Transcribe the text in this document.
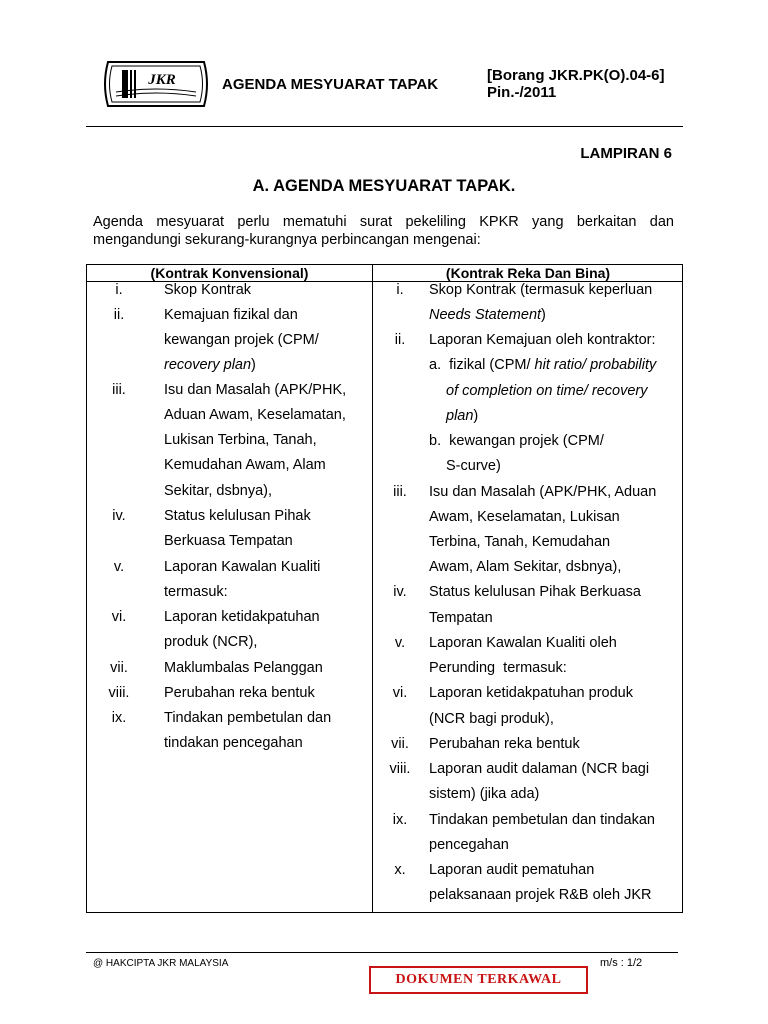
JKR	AGENDA MESYUARAT TAPAK
[Borang JKR.PK(O).04-6]
Pin.-/2011
LAMPIRAN 6
A. AGENDA MESYUARAT TAPAK.
Agenda mesyuarat perlu mematuhi surat pekeliling KPKR yang berkaitan dan mengandungi sekurang-kurangnya perbincangan mengenai:
(Kontrak Konvensional)	(Kontrak Reka Dan Bina)
i.	Skop Kontrak
ii.	Kemajuan fizikal dan
kewangan projek (CPM/
recovery plan)
iii.	Isu dan Masalah (APK/PHK,
Aduan Awam, Keselamatan,
Lukisan Terbina, Tanah,
Kemudahan Awam, Alam
Sekitar, dsbnya),
iv.	Status kelulusan Pihak
Berkuasa Tempatan
v.	Laporan Kawalan Kualiti
termasuk:
vi.	Laporan ketidakpatuhan
produk (NCR),
vii.	Maklumbalas Pelanggan
viii.	Perubahan reka bentuk
ix.	Tindakan pembetulan dan
tindakan pencegahan
i.	Skop Kontrak (termasuk keperluan
Needs Statement)
ii.	Laporan Kemajuan oleh kontraktor:
a.  fizikal (CPM/ hit ratio/ probability
of completion on time/ recovery
plan)
b.  kewangan projek (CPM/
S-curve)
iii.	Isu dan Masalah (APK/PHK, Aduan
Awam, Keselamatan, Lukisan
Terbina, Tanah, Kemudahan
Awam, Alam Sekitar, dsbnya),
iv.	Status kelulusan Pihak Berkuasa
Tempatan
v.	Laporan Kawalan Kualiti oleh
Perunding  termasuk:
vi.	Laporan ketidakpatuhan produk
(NCR bagi produk),
vii.	Perubahan reka bentuk
viii.	Laporan audit dalaman (NCR bagi
sistem) (jika ada)
ix.	Tindakan pembetulan dan tindakan
pencegahan
x.	Laporan audit pematuhan
pelaksanaan projek R&B oleh JKR
@ HAKCIPTA JKR MALAYSIA	m/s : 1/2
DOKUMEN TERKAWAL
